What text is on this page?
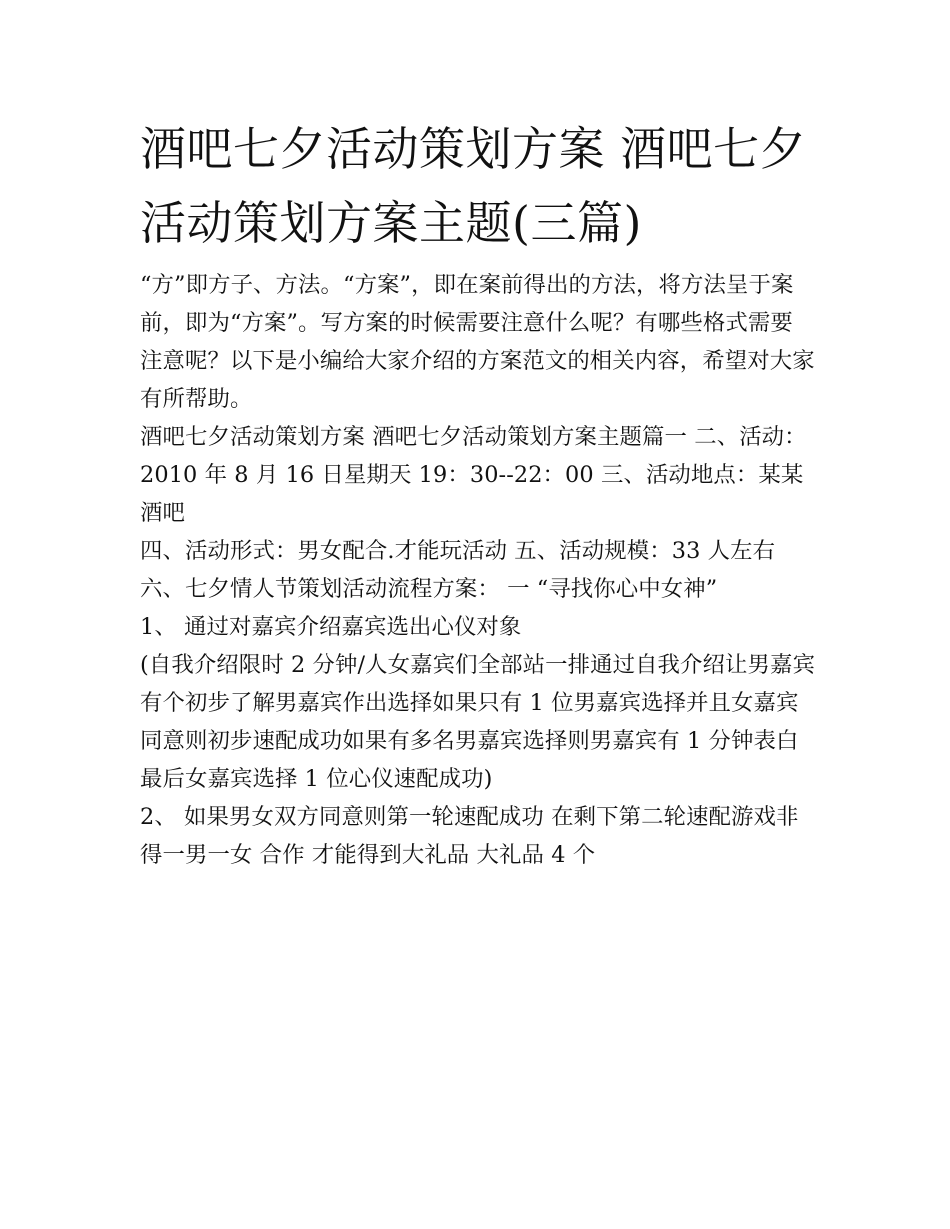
酒吧七夕活动策划方案 酒吧七夕活动策划方案主题(三篇)

“方”即方子、方法。“方案”，即在案前得出的方法，将方法呈于案前，即为“方案”。写方案的时候需要注意什么呢？有哪些格式需要注意呢？以下是小编给大家介绍的方案范文的相关内容，希望对大家有所帮助。

酒吧七夕活动策划方案 酒吧七夕活动策划方案主题篇一 二、活动：2010 年 8 月 16 日星期天 19：30--22：00 三、活动地点：某某酒吧

四、活动形式：男女配合.才能玩活动 五、活动规模：33 人左右 六、七夕情人节策划活动流程方案： 一 “寻找你心中女神”

1、 通过对嘉宾介绍嘉宾选出心仪对象

(自我介绍限时 2 分钟/人女嘉宾们全部站一排通过自我介绍让男嘉宾有个初步了解男嘉宾作出选择如果只有 1 位男嘉宾选择并且女嘉宾同意则初步速配成功如果有多名男嘉宾选择则男嘉宾有 1 分钟表白最后女嘉宾选择 1 位心仪速配成功)

2、 如果男女双方同意则第一轮速配成功 在剩下第二轮速配游戏非得一男一女 合作 才能得到大礼品 大礼品 4 个
